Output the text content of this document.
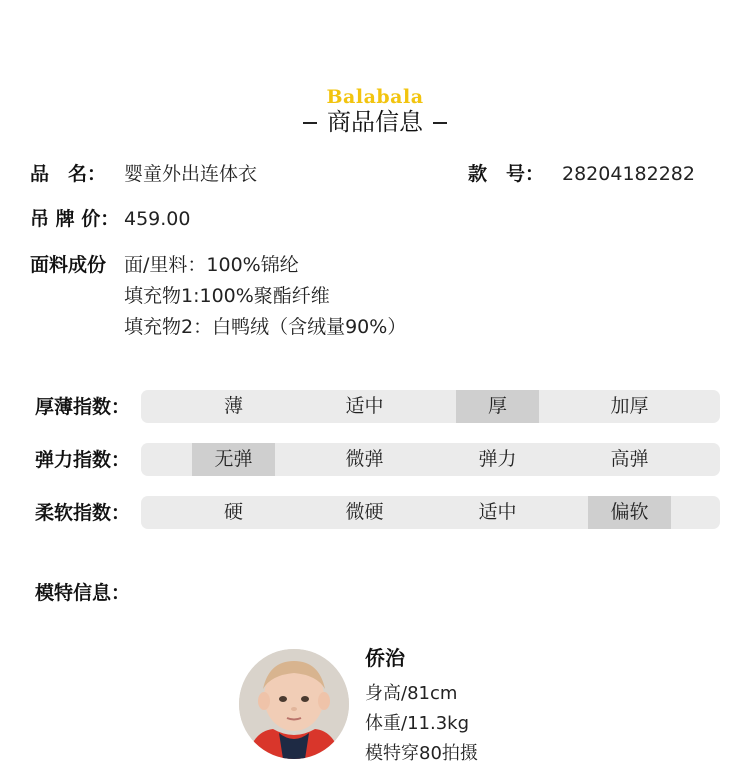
Balabala
商品信息
品　名： 婴童外出连体衣	款　号： 28204182282
吊 牌 价： 459.00
面料成份 面/里料：100%锦纶
填充物1:100%聚酯纤维
填充物2：白鸭绒（含绒量90%）
厚薄指数：	薄	适中	厚	加厚
弹力指数：	无弹	微弹	弹力	高弹
柔软指数：	硬	微硬	适中	偏软
模特信息：
侨治
身高/81cm
体重/11.3kg
模特穿80拍摄
